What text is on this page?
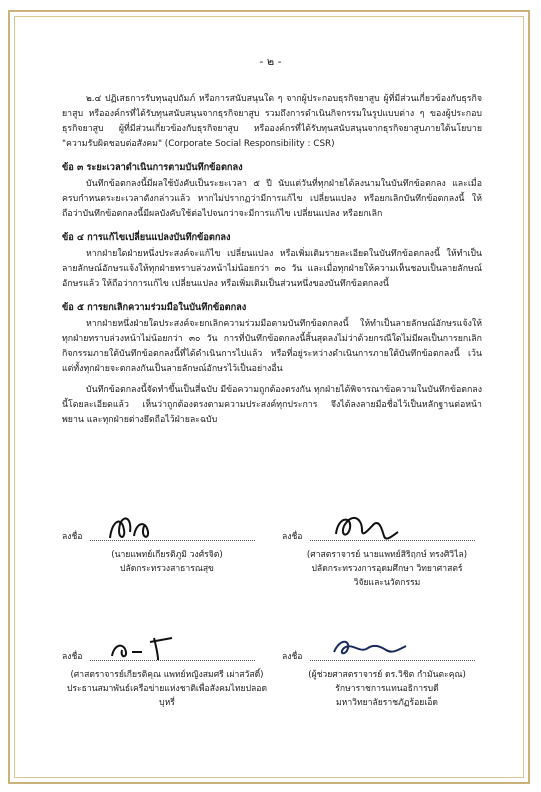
- ๒ -

๒.๔ ปฏิเสธการรับทุนอุปถัมภ์ หรือการสนับสนุนใด ๆ จากผู้ประกอบธุรกิจยาสูบ ผู้ที่มีส่วนเกี่ยวข้องกับธุรกิจยาสูบ หรือองค์กรที่ได้รับทุนสนับสนุนจากธุรกิจยาสูบ รวมถึงการดำเนินกิจกรรมในรูปแบบต่าง ๆ ของผู้ประกอบธุรกิจยาสูบ ผู้ที่มีส่วนเกี่ยวข้องกับธุรกิจยาสูบ หรือองค์กรที่ได้รับทุนสนับสนุนจากธุรกิจยาสูบภายใต้นโยบาย "ความรับผิดชอบต่อสังคม" (Corporate Social Responsibility : CSR)

ข้อ ๓ ระยะเวลาดำเนินการตามบันทึกข้อตกลง

บันทึกข้อตกลงนี้มีผลใช้บังคับเป็นระยะเวลา ๕ ปี นับแต่วันที่ทุกฝ่ายได้ลงนามในบันทึกข้อตกลง และเมื่อครบกำหนดระยะเวลาดังกล่าวแล้ว หากไม่ปรากฏว่ามีการแก้ไข เปลี่ยนแปลง หรือยกเลิกบันทึกข้อตกลงนี้ ให้ถือว่าบันทึกข้อตกลงนี้มีผลบังคับใช้ต่อไปจนกว่าจะมีการแก้ไข เปลี่ยนแปลง หรือยกเลิก

ข้อ ๔ การแก้ไขเปลี่ยนแปลงบันทึกข้อตกลง

หากฝ่ายใดฝ่ายหนึ่งประสงค์จะแก้ไข เปลี่ยนแปลง หรือเพิ่มเติมรายละเอียดในบันทึกข้อตกลงนี้ ให้ทำเป็นลายลักษณ์อักษรแจ้งให้ทุกฝ่ายทราบล่วงหน้าไม่น้อยกว่า ๓๐ วัน และเมื่อทุกฝ่ายให้ความเห็นชอบเป็นลายลักษณ์อักษรแล้ว ให้ถือว่าการแก้ไข เปลี่ยนแปลง หรือเพิ่มเติมเป็นส่วนหนึ่งของบันทึกข้อตกลงนี้

ข้อ ๕ การยกเลิกความร่วมมือในบันทึกข้อตกลง

หากฝ่ายหนึ่งฝ่ายใดประสงค์จะยกเลิกความร่วมมือตามบันทึกข้อตกลงนี้ ให้ทำเป็นลายลักษณ์อักษรแจ้งให้ทุกฝ่ายทราบล่วงหน้าไม่น้อยกว่า ๓๐ วัน การที่บันทึกข้อตกลงนี้สิ้นสุดลงไม่ว่าด้วยกรณีใดไม่มีผลเป็นการยกเลิกกิจกรรมภายใต้บันทึกข้อตกลงนี้ที่ได้ดำเนินการไปแล้ว หรือที่อยู่ระหว่างดำเนินการภายใต้บันทึกข้อตกลงนี้ เว้นแต่ทั้งทุกฝ่ายจะตกลงกันเป็นลายลักษณ์อักษรไว้เป็นอย่างอื่น

บันทึกข้อตกลงนี้จัดทำขึ้นเป็นสี่ฉบับ มีข้อความถูกต้องตรงกัน ทุกฝ่ายได้พิจารณาข้อความในบันทึกข้อตกลงนี้โดยละเอียดแล้ว เห็นว่าถูกต้องตรงตามความประสงค์ทุกประการ จึงได้ลงลายมือชื่อไว้เป็นหลักฐานต่อหน้าพยาน และทุกฝ่ายต่างยึดถือไว้ฝ่ายละฉบับ

ลงชื่อ
(นายแพทย์เกียรติภูมิ วงศ์รจิต)
ปลัดกระทรวงสาธารณสุข
ลงชื่อ
(ศาสตราจารย์ นายแพทย์สิริฤกษ์ ทรงศิวิไล)
ปลัดกระทรวงการอุดมศึกษา วิทยาศาสตร์
วิจัยและนวัตกรรม
ลงชื่อ
(ศาสตราจารย์เกียรติคุณ แพทย์หญิงสมศรี เผ่าสวัสดิ์)
ประธานสมาพันธ์เครือข่ายแห่งชาติเพื่อสังคมไทยปลอดบุหรี่
ลงชื่อ
(ผู้ช่วยศาสตราจารย์ ดร.วิชิต กำมันตะคุณ)
รักษาราชการแทนอธิการบดี
มหาวิทยาลัยราชภัฏร้อยเอ็ด
